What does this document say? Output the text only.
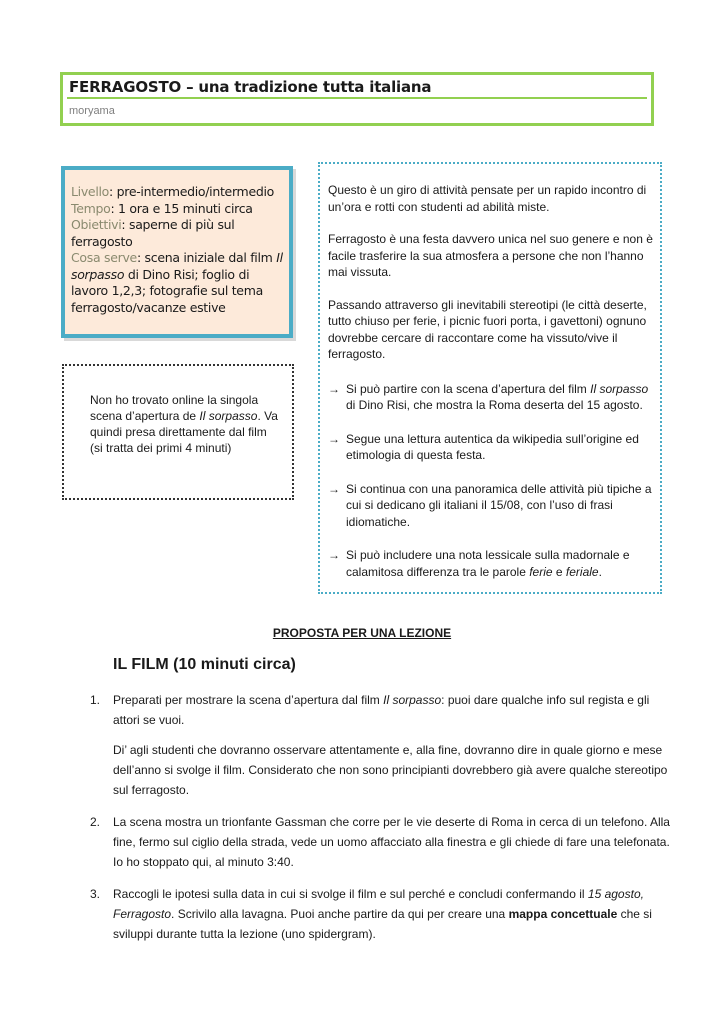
FERRAGOSTO – una tradizione tutta italiana
moryama
Livello: pre-intermedio/intermedio
Tempo: 1 ora e 15 minuti circa
Obiettivi: saperne di più sul ferragosto
Cosa serve: scena iniziale dal film Il sorpasso di Dino Risi; foglio di lavoro 1,2,3; fotografie sul tema ferragosto/vacanze estive
Non ho trovato online la singola scena d’apertura de Il sorpasso. Va quindi presa direttamente dal film (si tratta dei primi 4 minuti)

Questo è un giro di attività pensate per un rapido incontro di un’ora e rotti con studenti ad abilità miste.

Ferragosto è una festa davvero unica nel suo genere e non è facile trasferire la sua atmosfera a persone che non l’hanno mai vissuta.

Passando attraverso gli inevitabili stereotipi (le città deserte, tutto chiuso per ferie, i picnic fuori porta, i gavettoni) ognuno dovrebbe cercare di raccontare come ha vissuto/vive il ferragosto.

→ Si può partire con la scena d’apertura del film Il sorpasso di Dino Risi, che mostra la Roma deserta del 15 agosto.
→ Segue una lettura autentica da wikipedia sull’origine ed etimologia di questa festa.
→ Si continua con una panoramica delle attività più tipiche a cui si dedicano gli italiani il 15/08, con l’uso di frasi idiomatiche.
→ Si può includere una nota lessicale sulla madornale e calamitosa differenza tra le parole ferie e feriale.
PROPOSTA PER UNA LEZIONE
IL FILM (10 minuti circa)
1. Preparati per mostrare la scena d’apertura dal film Il sorpasso: puoi dare qualche info sul regista e gli attori se vuoi.

Di’ agli studenti che dovranno osservare attentamente e, alla fine, dovranno dire in quale giorno e mese dell’anno si svolge il film. Considerato che non sono principianti dovrebbero già avere qualche stereotipo sul ferragosto.

2. La scena mostra un trionfante Gassman che corre per le vie deserte di Roma in cerca di un telefono. Alla fine, fermo sul ciglio della strada, vede un uomo affacciato alla finestra e gli chiede di fare una telefonata. Io ho stoppato qui, al minuto 3:40.

3. Raccogli le ipotesi sulla data in cui si svolge il film e sul perché e concludi confermando il 15 agosto, Ferragosto. Scrivilo alla lavagna. Puoi anche partire da qui per creare una mappa concettuale che si sviluppi durante tutta la lezione (uno spidergram).
